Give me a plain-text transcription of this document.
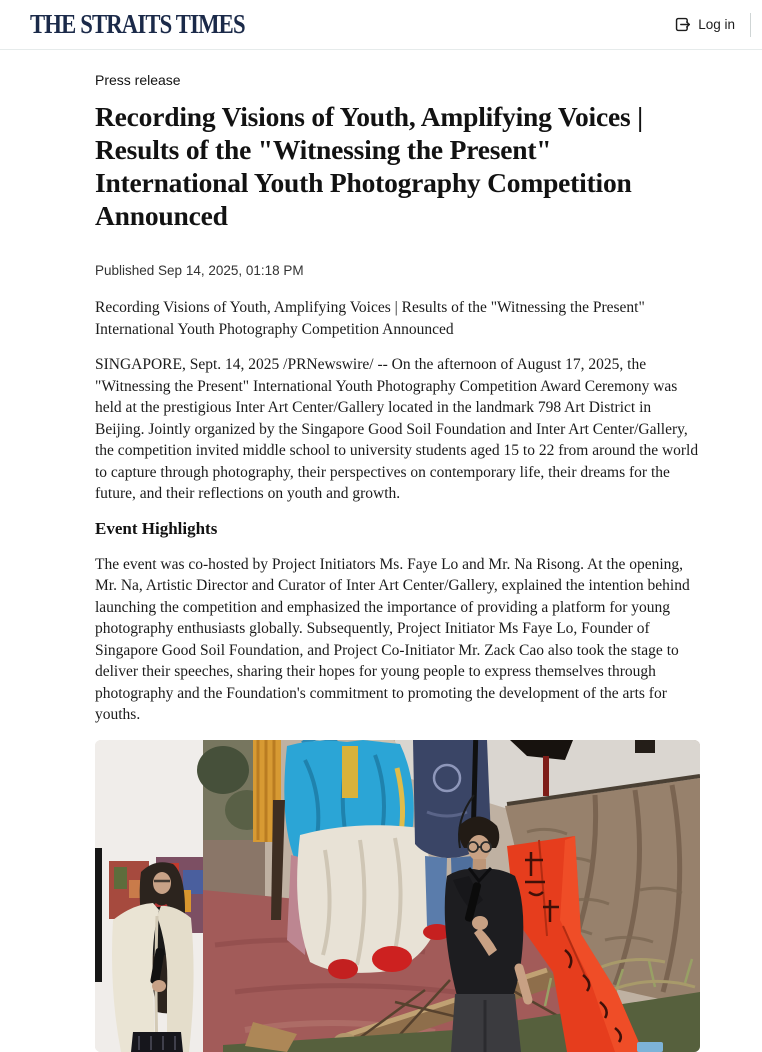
THE STRAITS TIMES	Log in

Press release

Recording Visions of Youth, Amplifying Voices | Results of the "Witnessing the Present" International Youth Photography Competition Announced

Published Sep 14, 2025, 01:18 PM

Recording Visions of Youth, Amplifying Voices | Results of the "Witnessing the Present" International Youth Photography Competition Announced

SINGAPORE, Sept. 14, 2025 /PRNewswire/ -- On the afternoon of August 17, 2025, the "Witnessing the Present" International Youth Photography Competition Award Ceremony was held at the prestigious Inter Art Center/Gallery located in the landmark 798 Art District in Beijing. Jointly organized by the Singapore Good Soil Foundation and Inter Art Center/Gallery, the competition invited middle school to university students aged 15 to 22 from around the world to capture through photography, their perspectives on contemporary life, their dreams for the future, and their reflections on youth and growth.

Event Highlights

The event was co-hosted by Project Initiators Ms. Faye Lo and Mr. Na Risong. At the opening, Mr. Na, Artistic Director and Curator of Inter Art Center/Gallery, explained the intention behind launching the competition and emphasized the importance of providing a platform for young photography enthusiasts globally. Subsequently, Project Initiator Ms Faye Lo, Founder of Singapore Good Soil Foundation, and Project Co-Initiator Mr. Zack Cao also took the stage to deliver their speeches, sharing their hopes for young people to express themselves through photography and the Foundation's commitment to promoting the development of the arts for youths.
